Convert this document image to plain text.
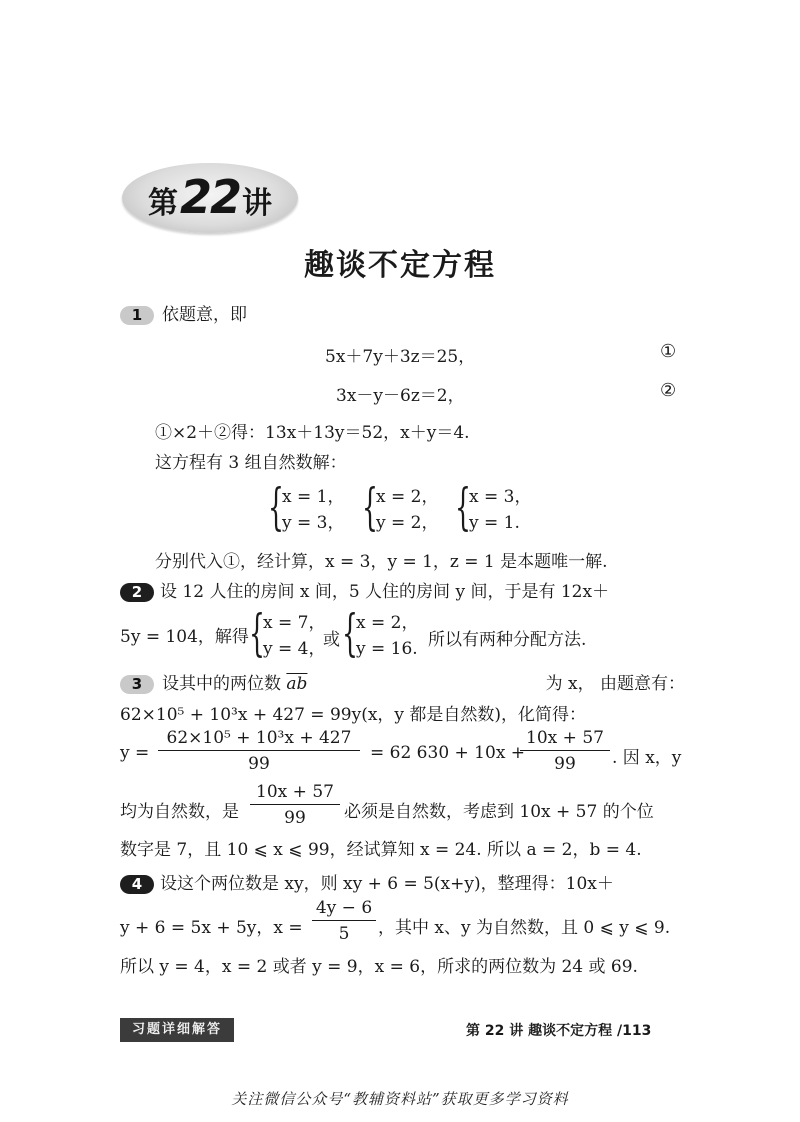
第 22 讲
趣谈不定方程
1 依题意，即
5x＋7y＋3z＝25，	①
3x－y－6z＝2，	②
①×2＋②得：13x＋13y＝52，x＋y＝4.
这方程有 3 组自然数解：
{
x = 1，
y = 3， {
x = 2，
y = 2， {
x = 3，
y = 1.
分别代入①，经计算，x = 3，y = 1，z = 1 是本题唯一解.
2 设 12 人住的房间 x 间，5 人住的房间 y 间，于是有 12x＋
5y = 104，解得 {
x = 7，
y = 4，
或 {
x = 2，
y = 16. 所以有两种分配方法.
3 设其中的两位数 $\overline{ab}$	为 x， 由题意有：
62×10⁵ + 10³x + 427 = 99y(x，y 都是自然数)，化简得：
y =
62×10⁵ + 10³x + 427
99
= 62 630 + 10x +
10x + 57
99	. 因 x，y
均为自然数，是
10x + 57
99	必须是自然数，考虑到 10x + 57 的个位
数字是 7，且 10 ⩽ x ⩽ 99，经试算知 x = 24. 所以 a = 2，b = 4.
4 设这个两位数是 xy，则 xy + 6 = 5(x+y)，整理得：10x＋
y + 6 = 5x + 5y，x =
4y − 6
5	，其中 x、y 为自然数，且 0 ⩽ y ⩽ 9.
所以 y = 4，x = 2 或者 y = 9，x = 6，所求的两位数为 24 或 69.
习题详细解答	第 22 讲 趣谈不定方程 /113
关注微信公众号“教辅资料站”获取更多学习资料
